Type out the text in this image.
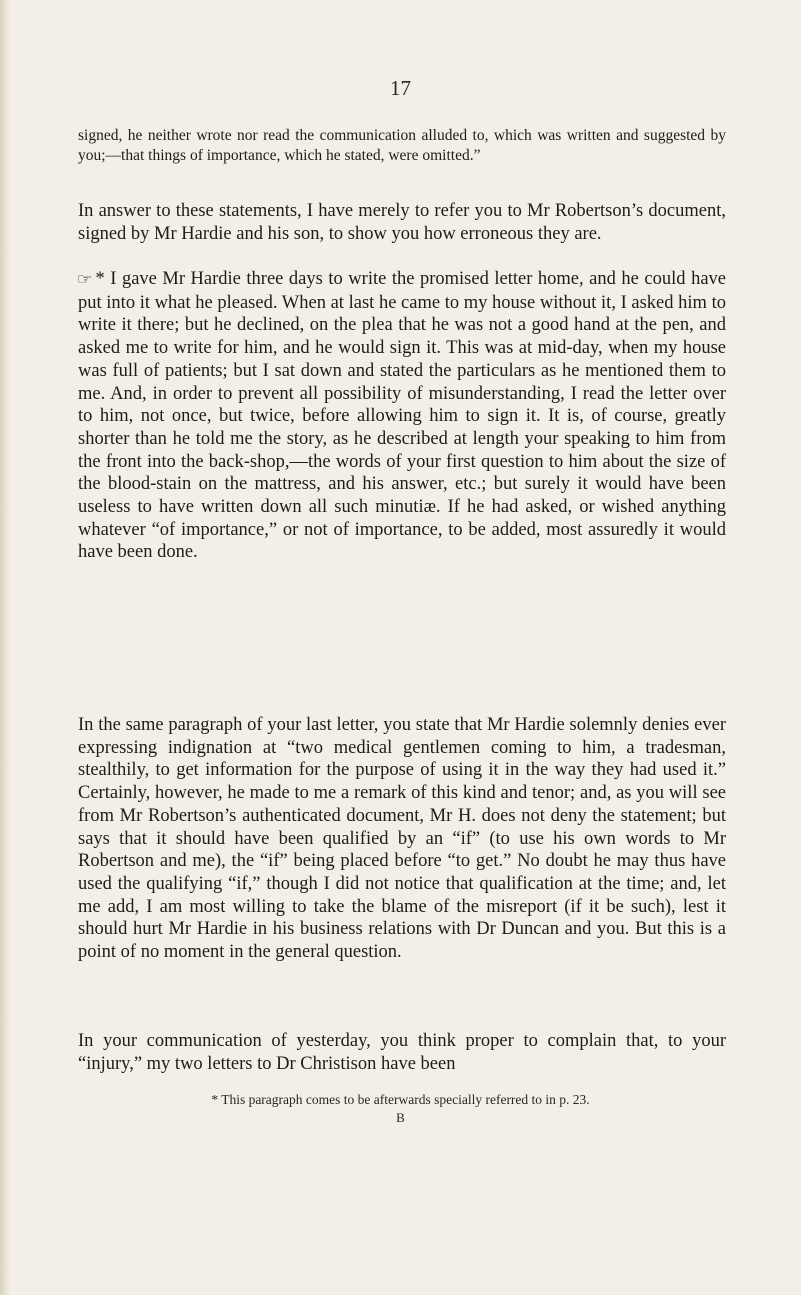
17
signed, he neither wrote nor read the communication alluded to, which was written and suggested by you;—that things of importance, which he stated, were omitted.”
In answer to these statements, I have merely to refer you to Mr Robertson’s document, signed by Mr Hardie and his son, to show you how erroneous they are.
☞ * I gave Mr Hardie three days to write the promised letter home, and he could have put into it what he pleased. When at last he came to my house without it, I asked him to write it there; but he declined, on the plea that he was not a good hand at the pen, and asked me to write for him, and he would sign it. This was at mid-day, when my house was full of patients; but I sat down and stated the particulars as he mentioned them to me. And, in order to prevent all possibility of misunderstanding, I read the letter over to him, not once, but twice, before allowing him to sign it. It is, of course, greatly shorter than he told me the story, as he described at length your speaking to him from the front into the back-shop,—the words of your first question to him about the size of the blood-stain on the mattress, and his answer, etc.; but surely it would have been useless to have written down all such minutiæ. If he had asked, or wished anything whatever “of importance,” or not of importance, to be added, most assuredly it would have been done.
In the same paragraph of your last letter, you state that Mr Hardie solemnly denies ever expressing indignation at “two medical gentlemen coming to him, a tradesman, stealthily, to get information for the purpose of using it in the way they had used it.” Certainly, however, he made to me a remark of this kind and tenor; and, as you will see from Mr Robertson’s authenticated document, Mr H. does not deny the statement; but says that it should have been qualified by an “if” (to use his own words to Mr Robertson and me), the “if” being placed before “to get.” No doubt he may thus have used the qualifying “if,” though I did not notice that qualification at the time; and, let me add, I am most willing to take the blame of the misreport (if it be such), lest it should hurt Mr Hardie in his business relations with Dr Duncan and you. But this is a point of no moment in the general question.
In your communication of yesterday, you think proper to complain that, to your “injury,” my two letters to Dr Christison have been
* This paragraph comes to be afterwards specially referred to in p. 23.
B
